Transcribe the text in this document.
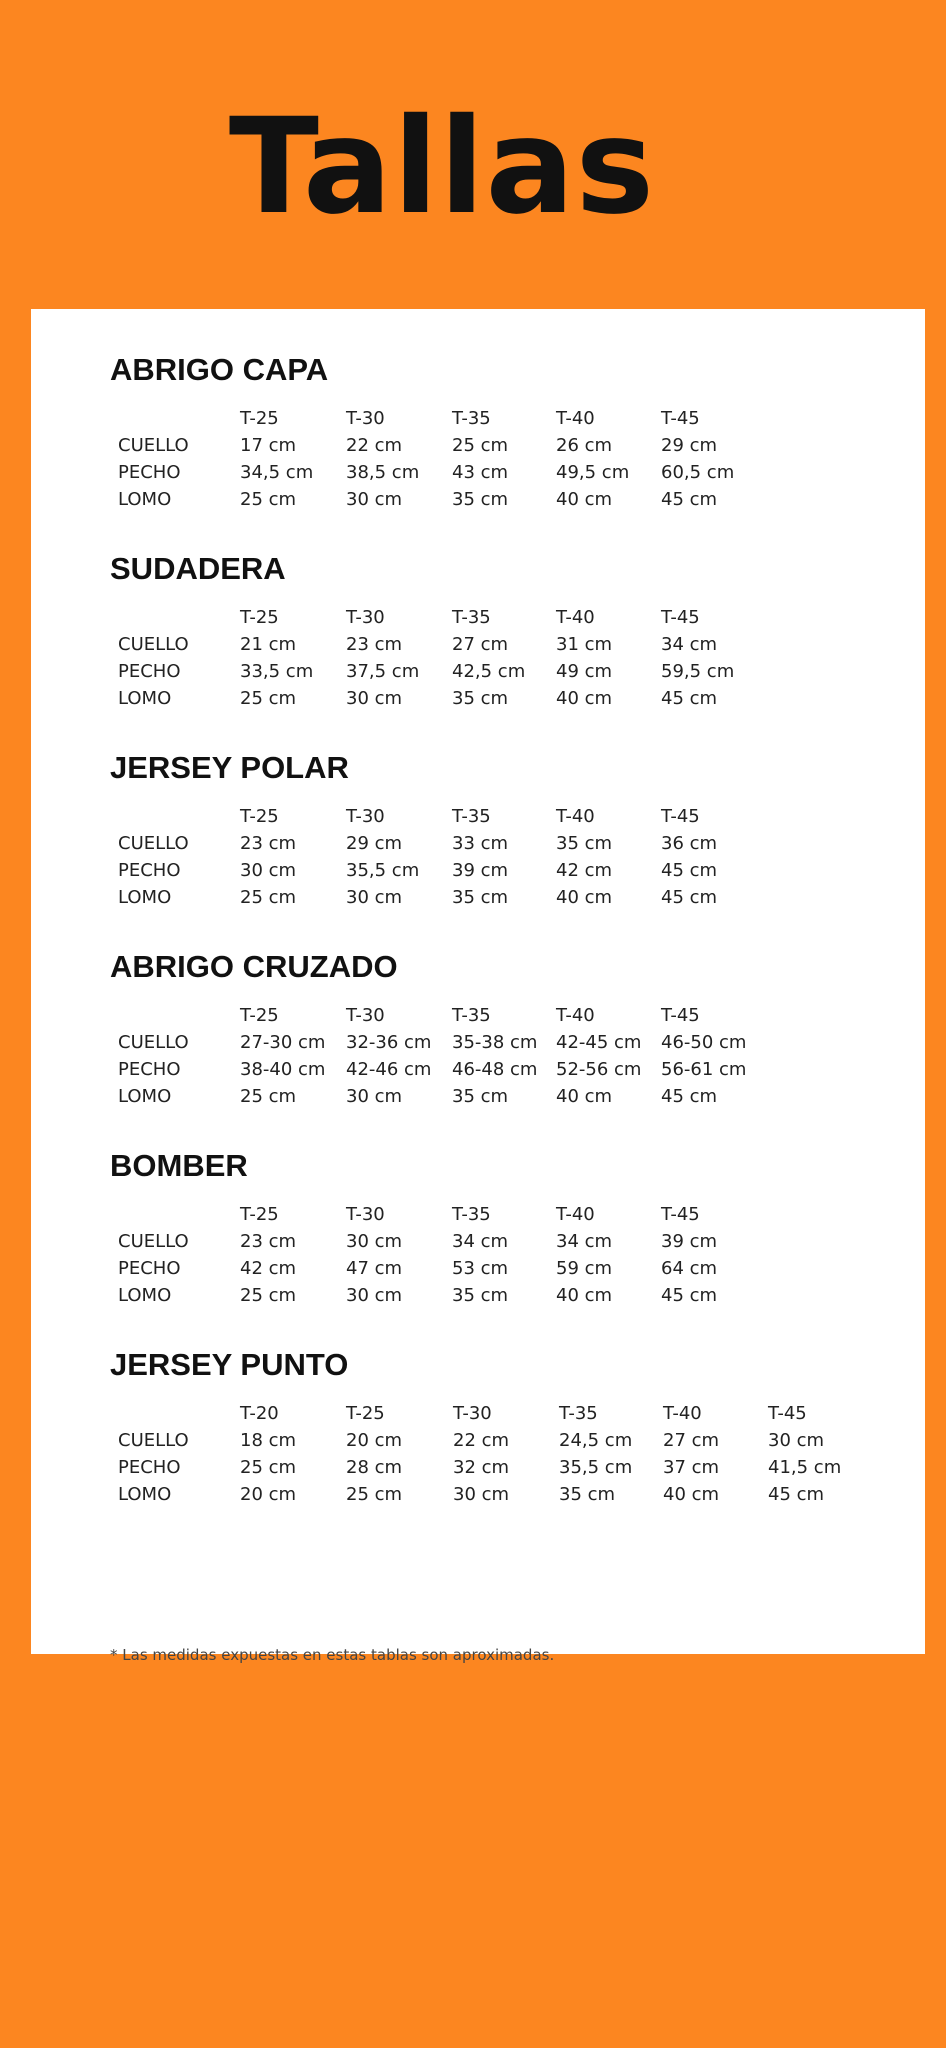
Tallas
* Las medidas expuestas en estas tablas son aproximadas.
ABRIGO CAPA
T-25	T-30	T-35	T-40	T-45
CUELLO	17 cm	22 cm	25 cm	26 cm	29 cm
PECHO	34,5 cm 38,5 cm 43 cm	49,5 cm 60,5 cm
LOMO	25 cm	30 cm	35 cm	40 cm	45 cm
SUDADERA
T-25	T-30	T-35	T-40	T-45
CUELLO	21 cm	23 cm	27 cm	31 cm	34 cm
PECHO	33,5 cm 37,5 cm 42,5 cm 49 cm	59,5 cm
LOMO	25 cm	30 cm	35 cm	40 cm	45 cm
JERSEY POLAR
T-25	T-30	T-35	T-40	T-45
CUELLO	23 cm	29 cm	33 cm	35 cm	36 cm
PECHO	30 cm	35,5 cm 39 cm	42 cm	45 cm
LOMO	25 cm	30 cm	35 cm	40 cm	45 cm
ABRIGO CRUZADO
T-25	T-30	T-35	T-40	T-45
CUELLO	27-30 cm 32-36 cm 35-38 cm 42-45 cm 46-50 cm
PECHO	38-40 cm 42-46 cm 46-48 cm 52-56 cm 56-61 cm
LOMO	25 cm	30 cm	35 cm	40 cm	45 cm
BOMBER
T-25	T-30	T-35	T-40	T-45
CUELLO	23 cm	30 cm	34 cm	34 cm	39 cm
PECHO	42 cm	47 cm	53 cm	59 cm	64 cm
LOMO	25 cm	30 cm	35 cm	40 cm	45 cm
JERSEY PUNTO
T-20	T-25	T-30	T-35	T-40	T-45
CUELLO	18 cm	20 cm	22 cm	24,5 cm 27 cm	30 cm
PECHO	25 cm	28 cm	32 cm	35,5 cm 37 cm	41,5 cm
LOMO	20 cm	25 cm	30 cm	35 cm	40 cm	45 cm
